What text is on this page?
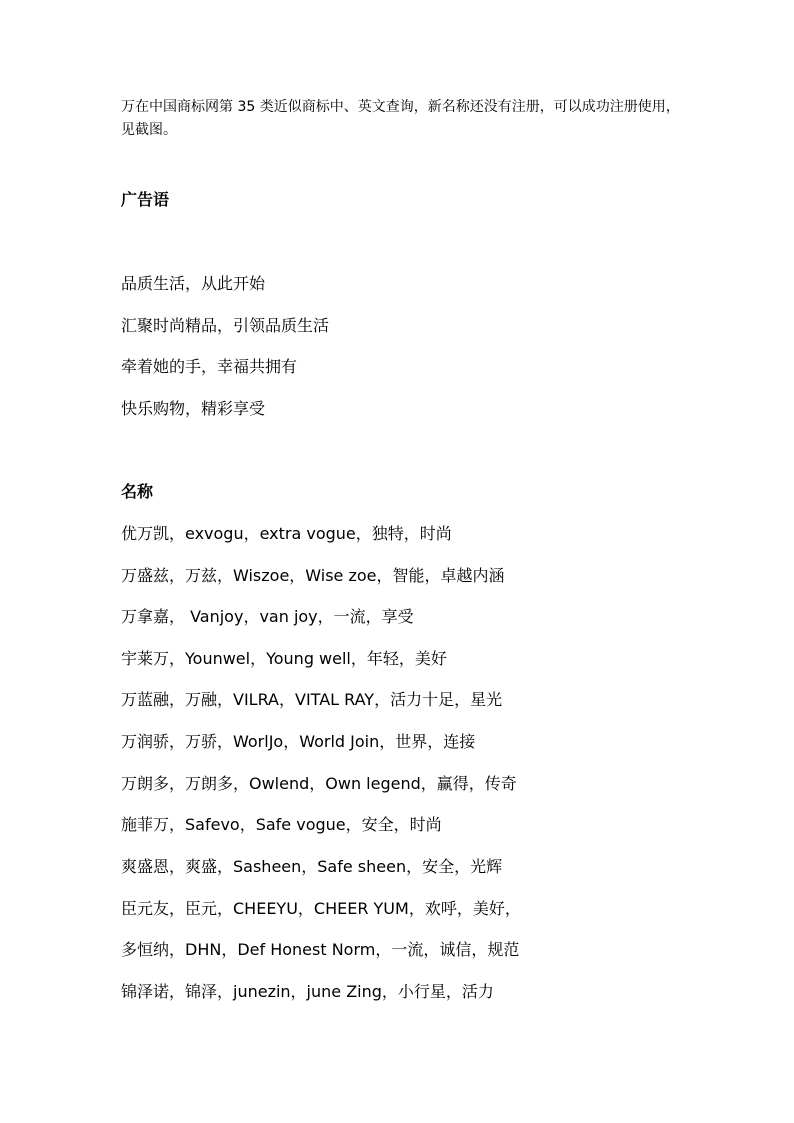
万在中国商标网第 35 类近似商标中、英文查询，新名称还没有注册，可以成功注册使用，见截图。

广告语

品质生活，从此开始

汇聚时尚精品，引领品质生活

牵着她的手，幸福共拥有

快乐购物，精彩享受

名称

优万凯，exvogu，extra vogue，独特，时尚

万盛兹，万兹，Wiszoe，Wise zoe，智能，卓越内涵

万拿嘉， Vanjoy，van joy，一流，享受

宇莱万，Younwel，Young well，年轻，美好

万蓝融，万融，VILRA，VITAL RAY，活力十足，星光

万润骄，万骄，WorlJo，World Join，世界，连接

万朗多，万朗多，Owlend，Own legend，赢得，传奇

施菲万，Safevo，Safe vogue，安全，时尚

爽盛恩，爽盛，Sasheen，Safe sheen，安全，光辉

臣元友，臣元，CHEEYU，CHEER YUM，欢呼，美好，

多恒纳，DHN，Def Honest Norm，一流，诚信，规范

锦泽诺，锦泽，junezin，june Zing，小行星，活力
